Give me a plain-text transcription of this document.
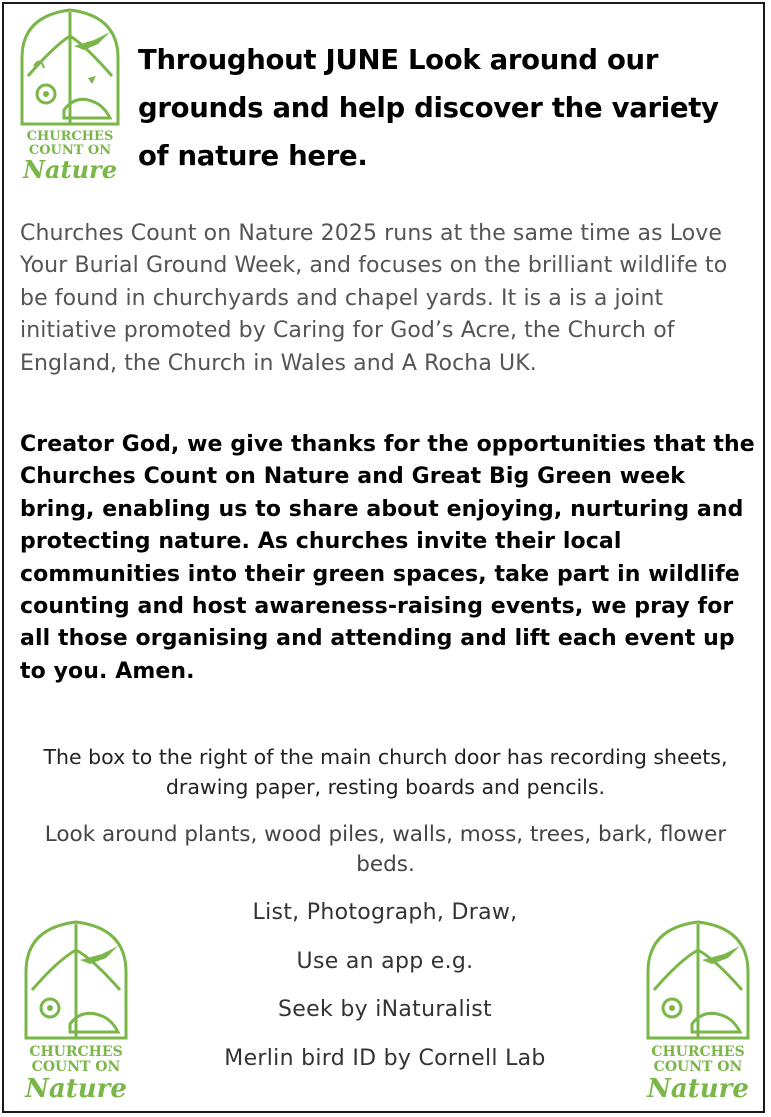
CHURCHES
COUNT ON
Nature
Throughout JUNE Look around our grounds and help discover the variety of nature here.
Churches Count on Nature 2025 runs at the same time as Love Your Burial Ground Week, and focuses on the brilliant wildlife to be found in churchyards and chapel yards. It is a is a joint initiative promoted by Caring for God’s Acre, the Church of England, the Church in Wales and A Rocha UK.
Creator God, we give thanks for the opportunities that the Churches Count on Nature and Great Big Green week bring, enabling us to share about enjoying, nurturing and protecting nature. As churches invite their local communities into their green spaces, take part in wildlife counting and host awareness-raising events, we pray for all those organising and attending and lift each event up to you. Amen.
The box to the right of the main church door has recording sheets, drawing paper, resting boards and pencils.
Look around plants, wood piles, walls, moss, trees, bark, flower beds.
List, Photograph, Draw,
Use an app e.g.
Seek by iNaturalist
Merlin bird ID by Cornell Lab
CHURCHES
COUNT ON
Nature
CHURCHES
COUNT ON
Nature
